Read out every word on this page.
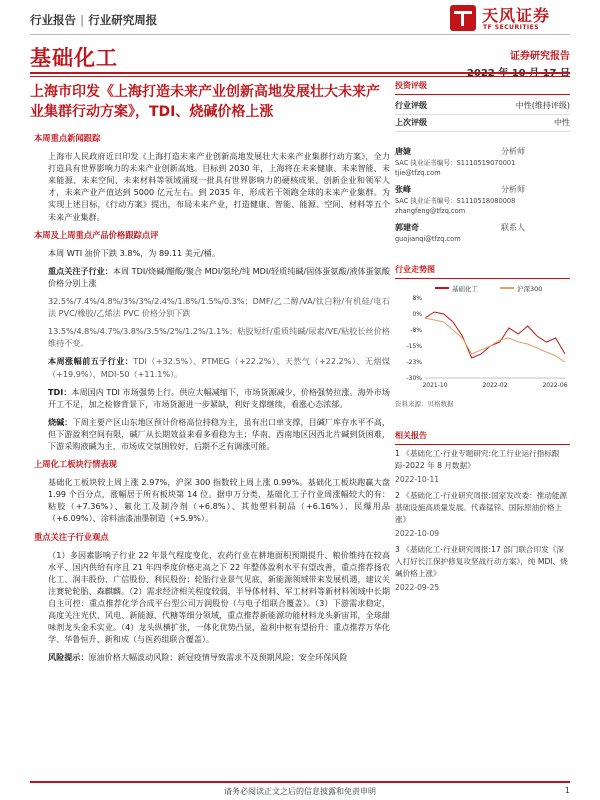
行业报告 | 行业研究周报	天风证券
TF SECURITIES
基础化工	证券研究报告
2022 年 10 月 17 日
上海市印发《上海打造未来产业创新高地发展壮大未来产业集群行动方案》，TDI、烧碱价格上涨
本周重点新闻跟踪

上海市人民政府近日印发《上海打造未来产业创新高地发展壮大未来产业集群行动方案》，全力打造具有世界影响力的未来产业创新高地。目标到 2030 年，上海将在未来健康、未来智能、未来能源、未来空间、未来材料等领域涌现一批具有世界影响力的硬核成果、创新企业和领军人才，未来产业产值达到 5000 亿元左右。到 2035 年，形成若干领跑全球的未来产业集群。为实现上述目标，《行动方案》提出，布局未来产业，打造健康、智能、能源、空间、材料等五个未来产业集群。

本周及上周重点产品价格跟踪点评

本周 WTI 油价下跌 3.8%，为 89.11 美元/桶。

重点关注子行业：本周 TDI/烧碱/醋酸/聚合 MDI/氨纶/纯 MDI/轻质纯碱/固体蛋氨酸/液体蛋氨酸价格分别上涨

32.5%/7.4%/4.8%/3%/3%/2.4%/1.8%/1.5%/0.3%；DMF/乙二醇/VA/钛白粉/有机硅/电石法 PVC/橡胶/乙烯法 PVC 价格分别下跌

13.5%/4.8%/4.7%/3.8%/3.5%/2%/1.2%/1.1%；粘胶短纤/重质纯碱/尿素/VE/粘胶长丝价格维持不变。

本周涨幅前五子行业：TDI（+32.5%）、PTMEG（+22.2%）、天然气（+22.2%）、无烟煤（+19.9%）、MDI-50（+11.1%）。

TDI：本周国内 TDI 市场强势上行。供应大幅减缩下，市场货源减少，价格强势拉涨。海外市场开工不足，加之检修背景下，市场货源进一步紧缺，利好支撑继续，看涨心态浓郁。

烧碱：下周主要产区山东地区预计价格高位持稳为主，虽有出口单支撑，目碱厂库存水平不高，但下游盈利空间有限，碱厂从长期效益来看多看稳为主；华南、西南地区因西北片碱到货困难，下游采购液碱为主，市场成交氛围较好，后期不乏有调涨可能。

上周化工板块行情表现

基础化工板块较上周上涨 2.97%，沪深 300 指数较上周上涨 0.99%。基础化工板块跑赢大盘 1.99 个百分点，涨幅居于所有板块第 14 位。据申万分类，基础化工子行业周涨幅较大的有：粘胶（+7.36%）、氟化工及制冷剂（+6.8%）、其他塑料制品（+6.16%）、民爆用品（+6.09%）、涂料油漆油墨制造（+5.9%）。

重点关注子行业观点

（1）多因素影响子行业 22 年景气程度变化，农药行业在耕地面积预期提升、粮价维持在较高水平、国内供给有序且 21 年四季度价格走高之下 22 年整体盈利水平有望改善，重点推荐扬农化工、润丰股份、广信股份、利民股份；轮胎行业景气见底，新能源领域带来发展机遇，建议关注赛轮轮胎、森麒麟。（2）需求经济相关程度较弱，半导体材料、军工材料等新材料领域中长期自主可控：重点推荐化学合成平台型公司万润股份（与电子组联合覆盖）。（3）下游需求稳定，高度关注光伏、风电、新能源、代糖等细分领域，重点推荐新能源功能材料龙头新宙邦，全球甜味剂龙头金禾实业。（4）龙头纵横扩张，一体化优势凸显，盈利中枢有望抬升：重点推荐万华化学、华鲁恒升、新和成（与医药组联合覆盖）。

风险提示：原油价格大幅波动风险；新冠疫情导致需求不及预期风险；安全环保风险

投资评级
行业评级	中性(维持评级)
上次评级	中性
唐婕	分析师
SAC 执业证书编号：S1110519070001
tjie@tfzq.com
张峰	分析师
SAC 执业证书编号：S1110518080008
zhangfeng@tfzq.com
郭建奇	联系人
guojianqi@tfzq.com
行业走势图
基础化工	沪深300
8%
0%
-8%
-15%
-23%
-30%
2021-10	2022-02	2022-06
资料来源：贝格数据
相关报告
1 《基础化工-行业专题研究:化工行业运行指标跟踪-2022 年 8 月数据》
2022-10-11
2 《基础化工-行业研究周报:国家发改委：推动能源基础设施高质量发展。代森锰锌、国际原油价格上涨》
2022-10-09
3 《基础化工-行业研究周报:17 部门联合印发《深入打好长江保护修复攻坚战行动方案》，纯 MDI、烧碱价格上涨》
2022-09-25
请务必阅读正文之后的信息披露和免责申明	1
